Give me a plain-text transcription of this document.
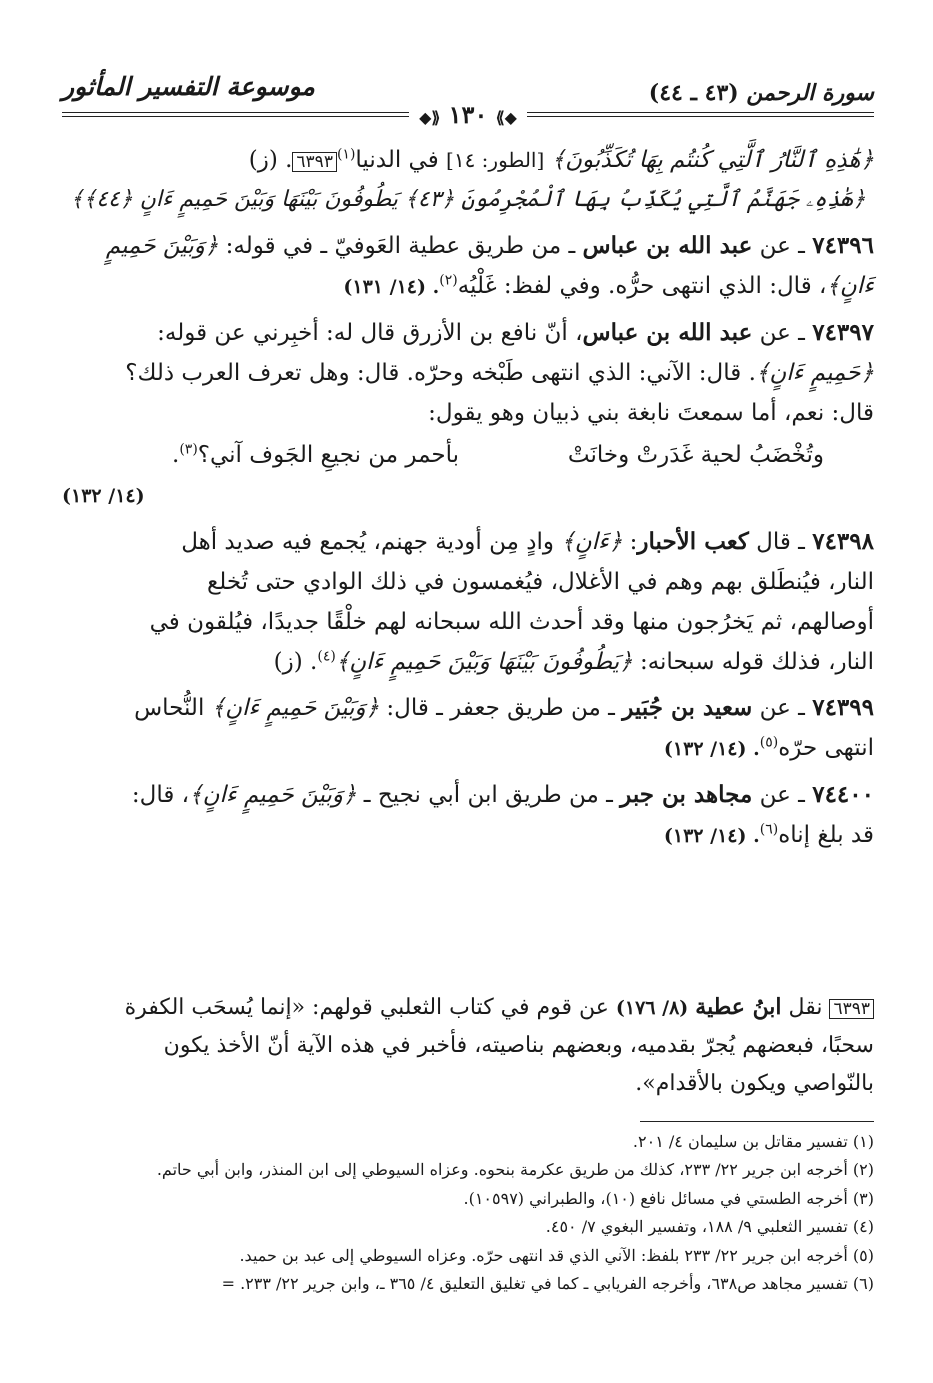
سورة الرحمن (٤٣ ـ ٤٤)
موسوعة التفسير المأثور
◆⟫ ١٣٠ ⟪◆

﴿هَٰذِهِ ٱلنَّارُ ٱلَّتِي كُنتُم بِهَا تُكَذِّبُونَ﴾ [الطور: ١٤] في الدنيا$^{(١)}$٦٣٩٣. (ز)

﴿هَٰذِهِۦ جَهَنَّمُ ٱلَّتِي يُكَذِّبُ بِهَا ٱلْمُجْرِمُونَ ﴿٤٣﴾ يَطُوفُونَ بَيْنَهَا وَبَيْنَ حَمِيمٍ ءَانٍ ﴿٤٤﴾﴾

٧٤٣٩٦ ـ عن عبد الله بن عباس ـ من طريق عطية العَوفيّ ـ في قوله: ﴿وَبَيْنَ حَمِيمٍ
ءَانٍ﴾، قال: الذي انتهى حرُّه. وفي لفظ: غَلْيُه$^{(٢)}$. (١٤/ ١٣١)

٧٤٣٩٧ ـ عن عبد الله بن عباس، أنّ نافع بن الأزرق قال له: أخبِرني عن قوله:
﴿حَمِيمٍ ءَانٍ﴾. قال: الآني: الذي انتهى طَبْخه وحرّه. قال: وهل تعرف العرب ذلك؟
قال: نعم، أما سمعتَ نابغة بني ذبيان وهو يقول:

وتُخْضَبُ لحية غَدَرتْ وخانَتْ
بأحمر من نجيعِ الجَوف آني؟$^{(٣)}$.

(١٤/ ١٣٢)

٧٤٣٩٨ ـ قال كعب الأحبار: ﴿ءَانٍ﴾ وادٍ مِن أودية جهنم، يُجمع فيه صديد أهل
النار، فيُنطَلق بهم وهم في الأغلال، فيُغمسون في ذلك الوادي حتى تُخلع
أوصالهم، ثم يَخرُجون منها وقد أحدث الله سبحانه لهم خلْقًا جديدًا، فيُلقون في
النار، فذلك قوله سبحانه: ﴿يَطُوفُونَ بَيْنَهَا وَبَيْنَ حَمِيمٍ ءَانٍ﴾$^{(٤)}$. (ز)

٧٤٣٩٩ ـ عن سعيد بن جُبَير ـ من طريق جعفر ـ قال: ﴿وَبَيْنَ حَمِيمٍ ءَانٍ﴾ النُّحاس
انتهى حرّه$^{(٥)}$. (١٤/ ١٣٢)

٧٤٤٠٠ ـ عن مجاهد بن جبر ـ من طريق ابن أبي نجيح ـ ﴿وَبَيْنَ حَمِيمٍ ءَانٍ﴾، قال:
قد بلغ إناه$^{(٦)}$. (١٤/ ١٣٢)

٦٣٩٣ نقل ابنُ عطية (٨/ ١٧٦) عن قوم في كتاب الثعلبي قولهم: «إنما يُسحَب الكفرة
سحبًا، فبعضهم يُجرّ بقدميه، وبعضهم بناصيته، فأخبر في هذه الآية أنّ الأخذ يكون
بالنّواصي ويكون بالأقدام».

(١) تفسير مقاتل بن سليمان ٤/ ٢٠١.

(٢) أخرجه ابن جرير ٢٢/ ٢٣٣، كذلك من طريق عكرمة بنحوه. وعزاه السيوطي إلى ابن المنذر، وابن أبي حاتم.

(٣) أخرجه الطستي في مسائل نافع (١٠)، والطبراني (١٠٥٩٧).

(٤) تفسير الثعلبي ٩/ ١٨٨، وتفسير البغوي ٧/ ٤٥٠.

(٥) أخرجه ابن جرير ٢٢/ ٢٣٣ بلفظ: الآني الذي قد انتهى حرّه. وعزاه السيوطي إلى عبد بن حميد.

(٦) تفسير مجاهد ص٦٣٨، وأخرجه الفريابي ـ كما في تغليق التعليق ٤/ ٣٦٥ ـ، وابن جرير ٢٢/ ٢٣٣. =
